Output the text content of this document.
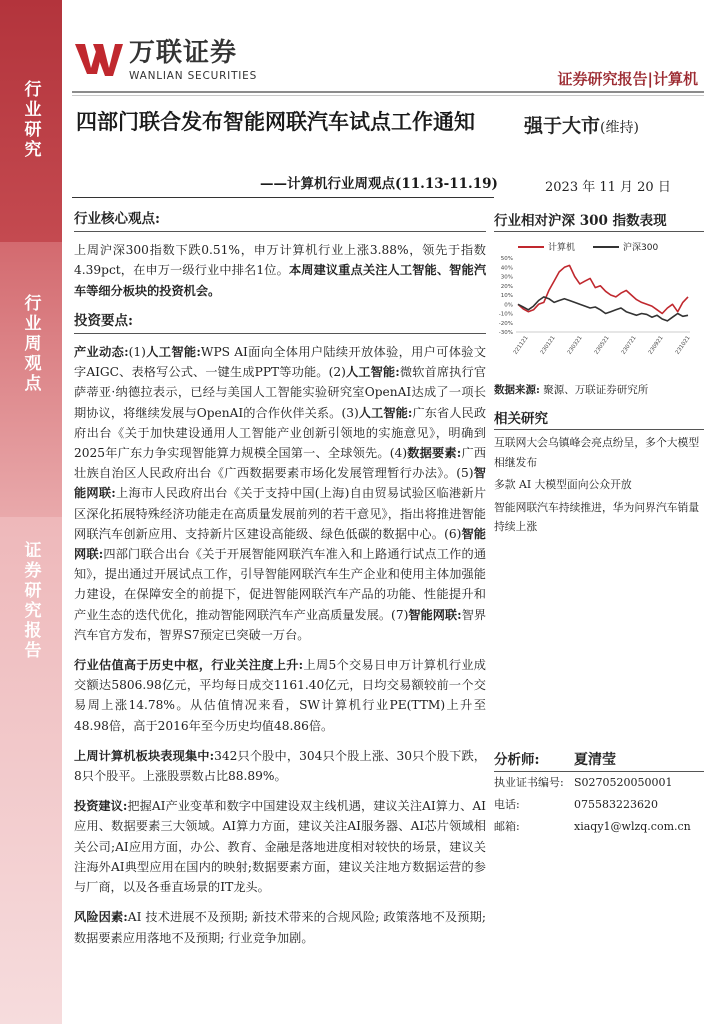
行业研究
行业周观点
证券研究报告
万联证券
WANLIAN SECURITIES	证券研究报告|计算机
四部门联合发布智能网联汽车试点工作通知
——计算机行业周观点(11.13-11.19)
强于大市(维持)
2023 年 11 月 20 日
行业核心观点:
上周沪深300指数下跌0.51%，申万计算机行业上涨3.88%，领先于指数4.39pct，在申万一级行业中排名1位。本周建议重点关注人工智能、智能汽车等细分板块的投资机会。
投资要点:
产业动态:(1)人工智能:WPS AI面向全体用户陆续开放体验，用户可体验文字AIGC、表格写公式、一键生成PPT等功能。(2)人工智能:微软首席执行官萨蒂亚·纳德拉表示，已经与美国人工智能实验研究室OpenAI达成了一项长期协议，将继续发展与OpenAI的合作伙伴关系。(3)人工智能:广东省人民政府出台《关于加快建设通用人工智能产业创新引领地的实施意见》，明确到2025年广东力争实现智能算力规模全国第一、全球领先。(4)数据要素:广西壮族自治区人民政府出台《广西数据要素市场化发展管理暂行办法》。(5)智能网联:上海市人民政府出台《关于支持中国(上海)自由贸易试验区临港新片区深化拓展特殊经济功能走在高质量发展前列的若干意见》，指出将推进智能网联汽车创新应用、支持新片区建设高能级、绿色低碳的数据中心。(6)智能网联:四部门联合出台《关于开展智能网联汽车准入和上路通行试点工作的通知》，提出通过开展试点工作，引导智能网联汽车生产企业和使用主体加强能力建设，在保障安全的前提下，促进智能网联汽车产品的功能、性能提升和产业生态的迭代优化，推动智能网联汽车产业高质量发展。(7)智能网联:智界汽车官方发布，智界S7预定已突破一万台。
行业估值高于历史中枢，行业关注度上升:上周5个交易日申万计算机行业成交额达5806.98亿元，平均每日成交1161.40亿元，日均交易额较前一个交易周上涨14.78%。从估值情况来看，SW计算机行业PE(TTM)上升至48.98倍，高于2016年至今历史均值48.86倍。
上周计算机板块表现集中:342只个股中，304只个股上涨、30只个股下跌，8只个股平。上涨股票数占比88.89%。
投资建议:把握AI产业变革和数字中国建设双主线机遇，建议关注AI算力、AI应用、数据要素三大领域。AI算力方面，建议关注AI服务器、AI芯片领域相关公司;AI应用方面，办公、教育、金融是落地进度相对较快的场景，建议关注海外AI典型应用在国内的映射;数据要素方面，建议关注地方数据运营的参与厂商，以及各垂直场景的IT龙头。
风险因素:AI 技术进展不及预期; 新技术带来的合规风险; 政策落地不及预期; 数据要素应用落地不及预期; 行业竞争加剧。
行业相对沪深 300 指数表现
计算机	沪深300
50%
40%
30%
20%
10%
0%
-10%
-20%
-30%
221121 230121 230321 230521 230721 230921 231021
数据来源: 聚源、万联证券研究所
相关研究
互联网大会乌镇峰会亮点纷呈，多个大模型相继发布
多款 AI 大模型面向公众开放
智能网联汽车持续推进，华为问界汽车销量持续上涨
分析师:	夏清莹
执业证书编号: S0270520050001
电话:	075583223620
邮箱:	xiaqy1@wlzq.com.cn
